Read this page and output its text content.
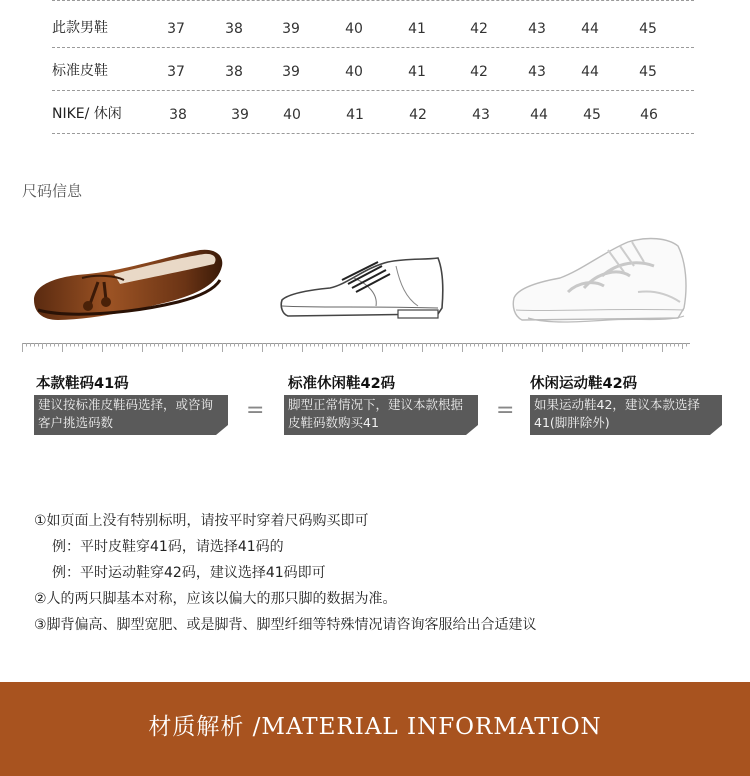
此款男鞋	37	38	39	40	41	42	43	44	45
标准皮鞋	37	38	39	40	41	42	43	44	45
NIKE/ 休闲	38	39	40	41	42	43	44	45	46
尺码信息
本款鞋码41码
建议按标准皮鞋码选择，或咨询客户挑选码数	=
标准休闲鞋42码
脚型正常情况下，建议本款根据皮鞋码数购买41	=
休闲运动鞋42码
如果运动鞋42，建议本款选择41(脚胖除外)
①如页面上没有特别标明，请按平时穿着尺码购买即可
例：平时皮鞋穿41码，请选择41码的
例：平时运动鞋穿42码，建议选择41码即可
②人的两只脚基本对称，应该以偏大的那只脚的数据为准。
③脚背偏高、脚型宽肥、或是脚背、脚型纤细等特殊情况请咨询客服给出合适建议
材质解析 /MATERIAL INFORMATION
